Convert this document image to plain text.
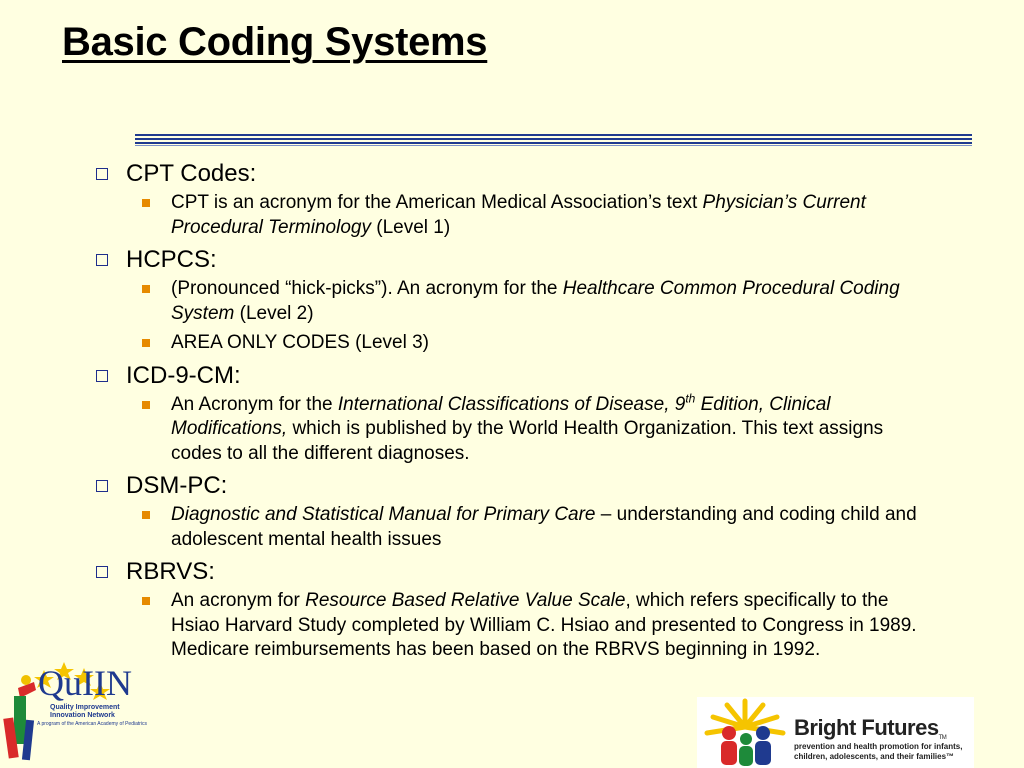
Basic Coding Systems
CPT Codes:
CPT is an acronym for the American Medical Association’s text Physician’s Current Procedural Terminology (Level 1)
HCPCS:
(Pronounced “hick-picks”). An acronym for the Healthcare Common Procedural Coding System (Level 2)
AREA ONLY CODES (Level 3)
ICD-9-CM:
An Acronym for the International Classifications of Disease, 9th Edition, Clinical Modifications, which is published by the World Health Organization. This text assigns codes to all the different diagnoses.
DSM-PC:
Diagnostic and Statistical Manual for Primary Care – understanding and coding child and adolescent mental health issues
RBRVS:
An acronym for Resource Based Relative Value Scale, which refers specifically to the Hsiao Harvard Study completed by William C. Hsiao and presented to Congress in 1989. Medicare reimbursements has been based on the RBRVS beginning in 1992.
QuIIN
Quality Improvement Innovation Network
A program of the American Academy of Pediatrics	Bright FuturesTM
prevention and health promotion for infants, children, adolescents, and their families™
